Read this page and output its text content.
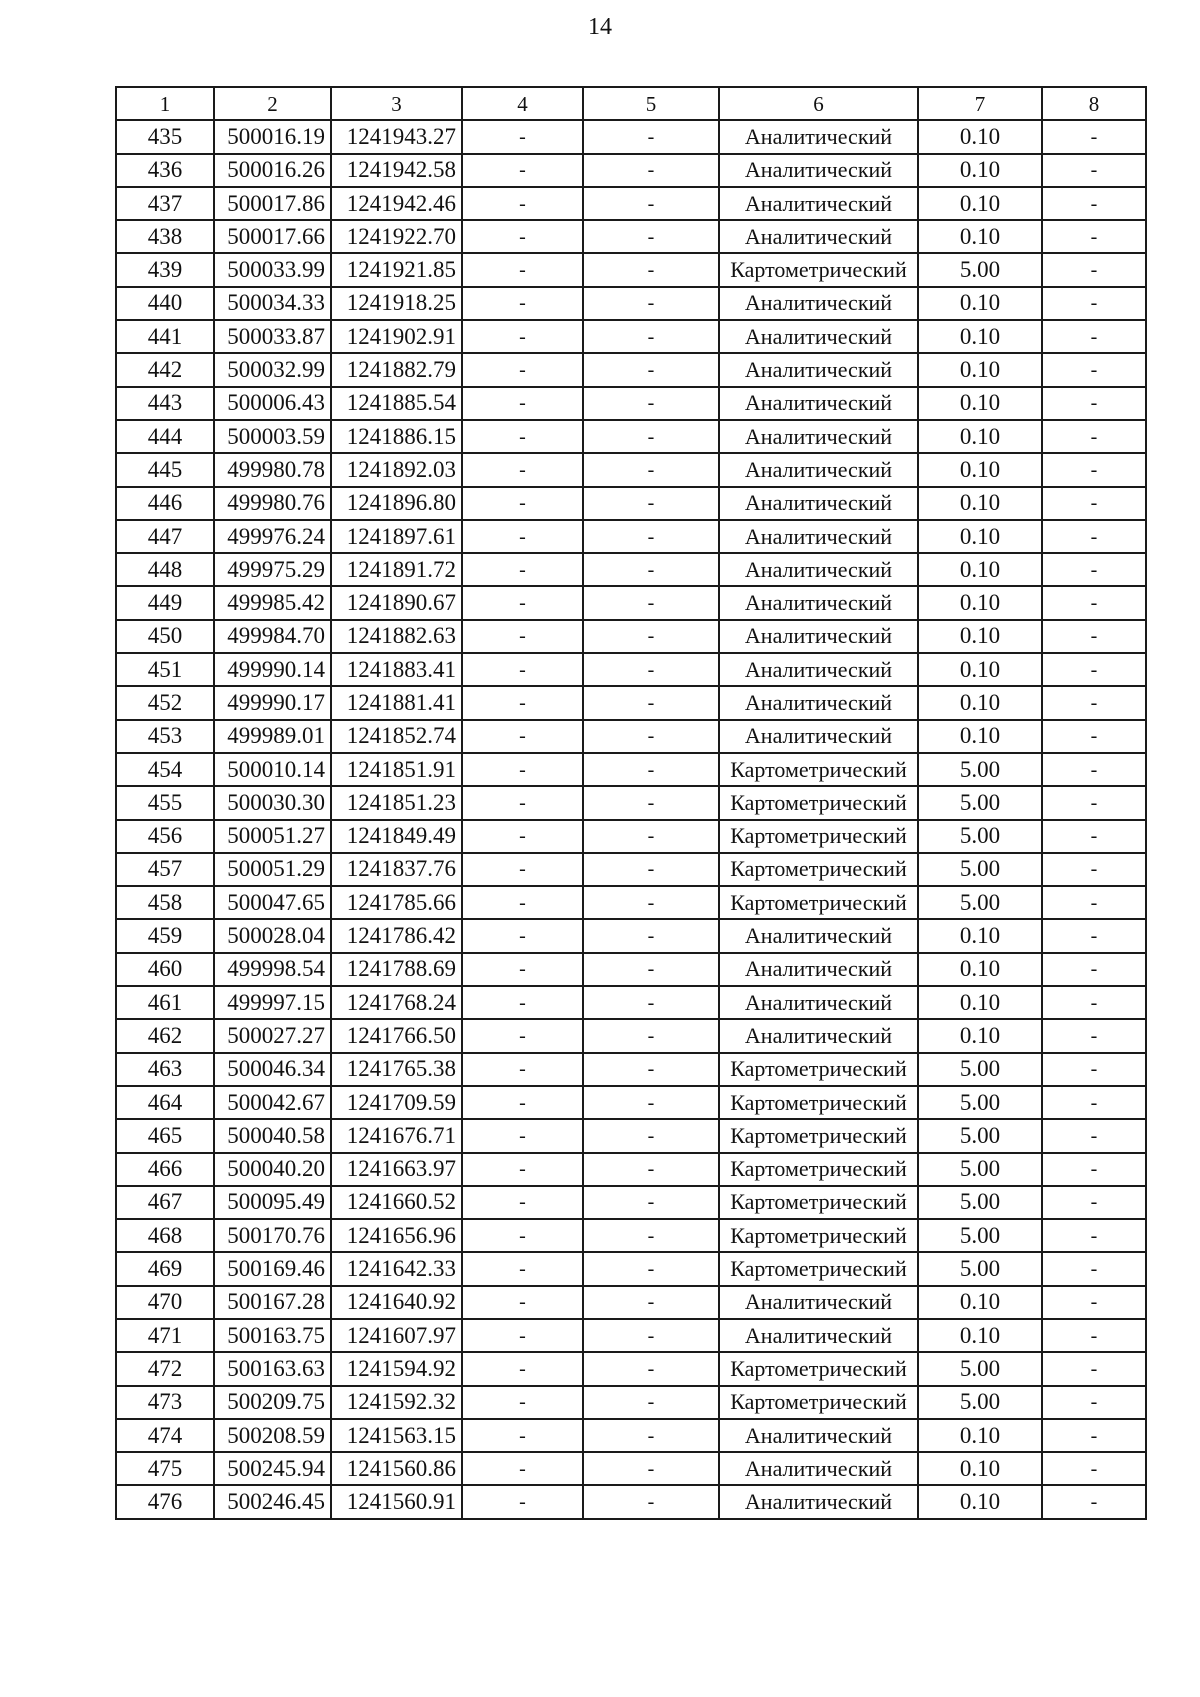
14
1	2	3	4	5	6	7	8
435	500016.19	1241943.27	-	-	Аналитический	0.10	-
436	500016.26	1241942.58	-	-	Аналитический	0.10	-
437	500017.86	1241942.46	-	-	Аналитический	0.10	-
438	500017.66	1241922.70	-	-	Аналитический	0.10	-
439	500033.99	1241921.85	-	-	Картометрический	5.00	-
440	500034.33	1241918.25	-	-	Аналитический	0.10	-
441	500033.87	1241902.91	-	-	Аналитический	0.10	-
442	500032.99	1241882.79	-	-	Аналитический	0.10	-
443	500006.43	1241885.54	-	-	Аналитический	0.10	-
444	500003.59	1241886.15	-	-	Аналитический	0.10	-
445	499980.78	1241892.03	-	-	Аналитический	0.10	-
446	499980.76	1241896.80	-	-	Аналитический	0.10	-
447	499976.24	1241897.61	-	-	Аналитический	0.10	-
448	499975.29	1241891.72	-	-	Аналитический	0.10	-
449	499985.42	1241890.67	-	-	Аналитический	0.10	-
450	499984.70	1241882.63	-	-	Аналитический	0.10	-
451	499990.14	1241883.41	-	-	Аналитический	0.10	-
452	499990.17	1241881.41	-	-	Аналитический	0.10	-
453	499989.01	1241852.74	-	-	Аналитический	0.10	-
454	500010.14	1241851.91	-	-	Картометрический	5.00	-
455	500030.30	1241851.23	-	-	Картометрический	5.00	-
456	500051.27	1241849.49	-	-	Картометрический	5.00	-
457	500051.29	1241837.76	-	-	Картометрический	5.00	-
458	500047.65	1241785.66	-	-	Картометрический	5.00	-
459	500028.04	1241786.42	-	-	Аналитический	0.10	-
460	499998.54	1241788.69	-	-	Аналитический	0.10	-
461	499997.15	1241768.24	-	-	Аналитический	0.10	-
462	500027.27	1241766.50	-	-	Аналитический	0.10	-
463	500046.34	1241765.38	-	-	Картометрический	5.00	-
464	500042.67	1241709.59	-	-	Картометрический	5.00	-
465	500040.58	1241676.71	-	-	Картометрический	5.00	-
466	500040.20	1241663.97	-	-	Картометрический	5.00	-
467	500095.49	1241660.52	-	-	Картометрический	5.00	-
468	500170.76	1241656.96	-	-	Картометрический	5.00	-
469	500169.46	1241642.33	-	-	Картометрический	5.00	-
470	500167.28	1241640.92	-	-	Аналитический	0.10	-
471	500163.75	1241607.97	-	-	Аналитический	0.10	-
472	500163.63	1241594.92	-	-	Картометрический	5.00	-
473	500209.75	1241592.32	-	-	Картометрический	5.00	-
474	500208.59	1241563.15	-	-	Аналитический	0.10	-
475	500245.94	1241560.86	-	-	Аналитический	0.10	-
476	500246.45	1241560.91	-	-	Аналитический	0.10	-
